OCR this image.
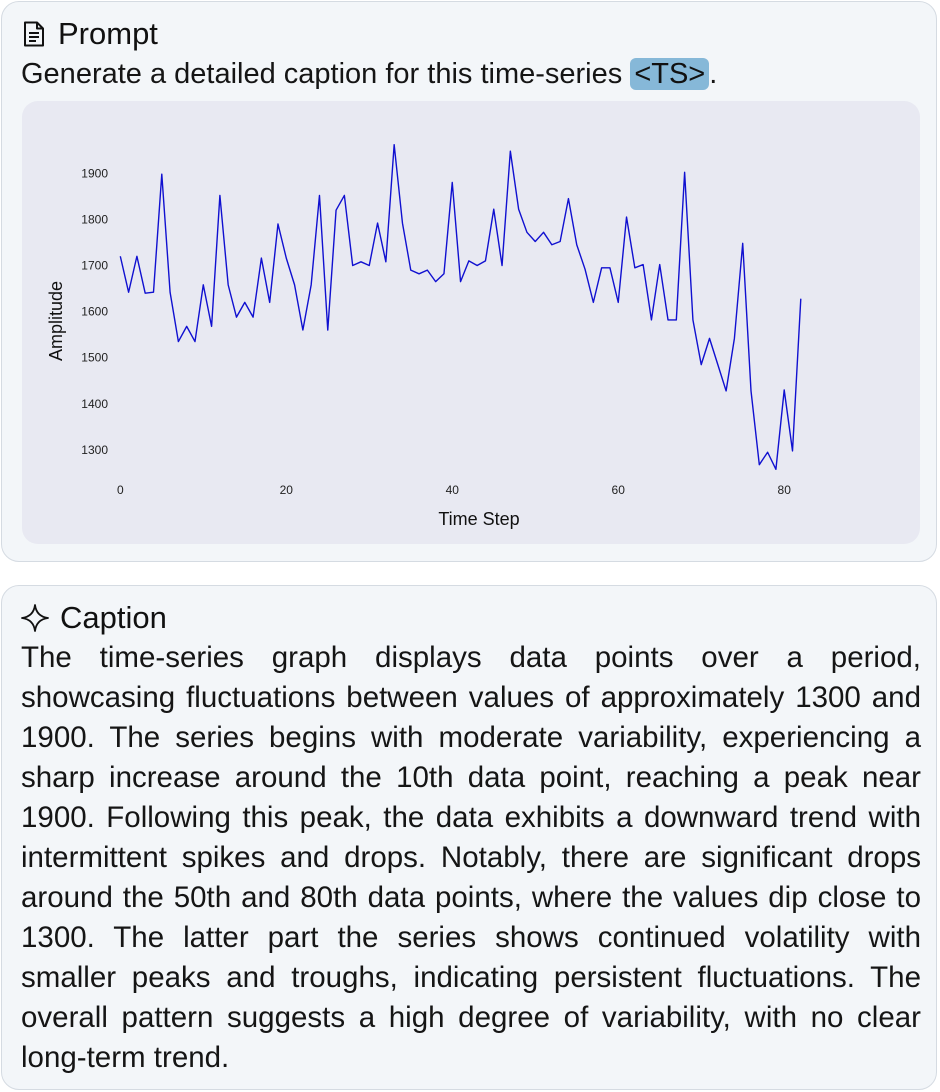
Prompt
Generate a detailed caption for this time-series <TS> .
1300
1400
1500
1600
1700
1800
1900
0	20	40	60	80
Time Step
Amplitude
Caption

The time-series graph displays data points over a period, showcasing fluctuations between values of approximately 1300 and 1900. The series begins with moderate variability, experiencing a sharp increase around the 10th data point, reaching a peak near 1900. Following this peak, the data exhibits a downward trend with intermittent spikes and drops. Notably, there are significant drops around the 50th and 80th data points, where the values dip close to 1300. The latter part the series shows continued volatility with smaller peaks and troughs, indicating persistent fluctuations. The overall pattern suggests a high degree of variability, with no clear long-term trend.
